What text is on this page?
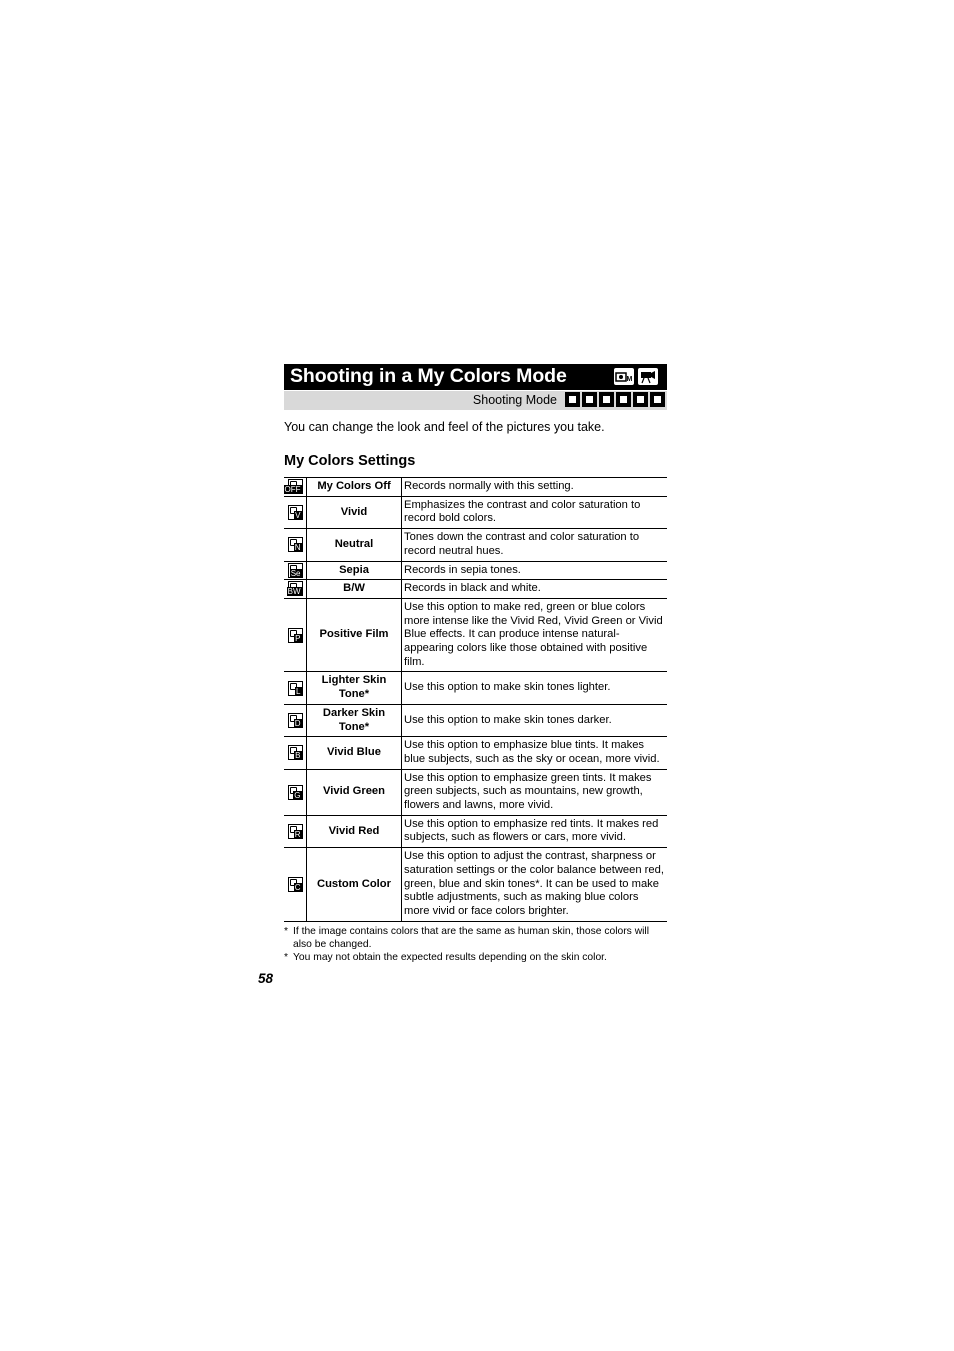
Shooting in a My Colors Mode	M
Shooting Mode
You can change the look and feel of the pictures you take.
My Colors Settings
OFF	My Colors Off	Records normally with this setting.

V	Vivid	Emphasizes the contrast and color saturation to record bold colors.

N	Neutral	Tones down the contrast and color saturation to record neutral hues.

Se	Sepia	Records in sepia tones.

BW	B/W	Records in black and white.

P	Positive Film	Use this option to make red, green or blue colors more intense like the Vivid Red, Vivid Green or Vivid Blue effects. It can produce intense natural-appearing colors like those obtained with positive film.

L	Lighter Skin Tone*	Use this option to make skin tones lighter.

D	Darker Skin Tone*	Use this option to make skin tones darker.

B	Vivid Blue	Use this option to emphasize blue tints. It makes blue subjects, such as the sky or ocean, more vivid.

G	Vivid Green	Use this option to emphasize green tints. It makes green subjects, such as mountains, new growth, flowers and lawns, more vivid.

R	Vivid Red	Use this option to emphasize red tints. It makes red subjects, such as flowers or cars, more vivid.

C	Custom Color	Use this option to adjust the contrast, sharpness or saturation settings or the color balance between red, green, blue and skin tones*. It can be used to make subtle adjustments, such as making blue colors more vivid or face colors brighter.
* If the image contains colors that are the same as human skin, those colors will also be changed.
* You may not obtain the expected results depending on the skin color.
58
